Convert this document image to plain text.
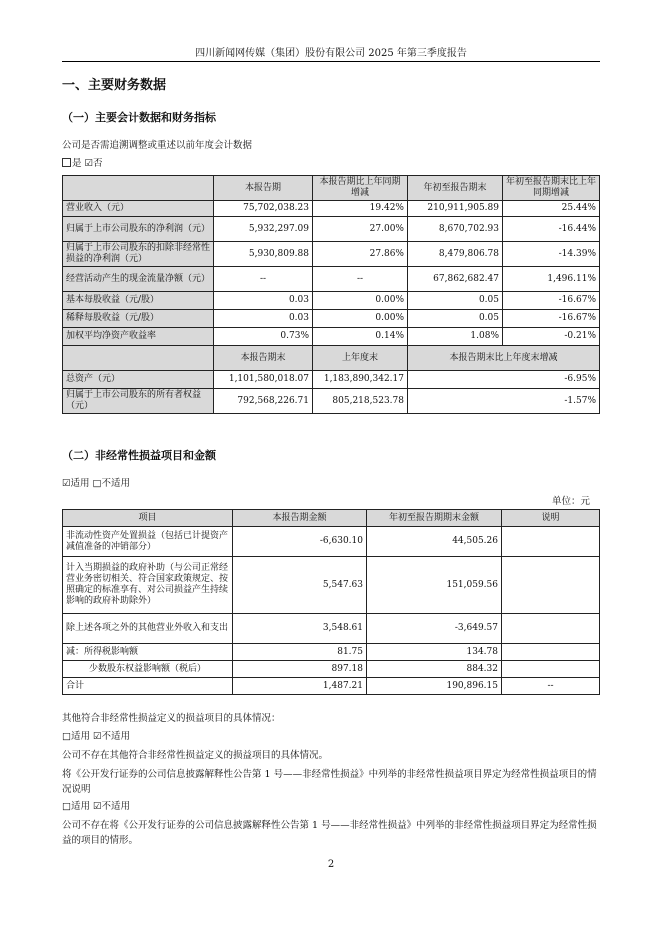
四川新闻网传媒（集团）股份有限公司 2025 年第三季度报告
一、主要财务数据
（一）主要会计数据和财务指标
公司是否需追溯调整或重述以前年度会计数据
是 ☑否
	本报告期	本报告期比上年同期增减	年初至报告期末	年初至报告期末比上年同期增减
营业收入（元）	75,702,038.23	19.42%	210,911,905.89	25.44%
归属于上市公司股东的净利润（元）	5,932,297.09	27.00%	8,670,702.93	-16.44%
归属于上市公司股东的扣除非经常性损益的净利润（元）	5,930,809.88	27.86%	8,479,806.78	-14.39%
经营活动产生的现金流量净额（元）	--	--	67,862,682.47	1,496.11%
基本每股收益（元/股）	0.03	0.00%	0.05	-16.67%
稀释每股收益（元/股）	0.03	0.00%	0.05	-16.67%
加权平均净资产收益率	0.73%	0.14%	1.08%	-0.21%
	本报告期末	上年度末	本报告期末比上年度末增减	
总资产（元）	1,101,580,018.07	1,183,890,342.17	-6.95%	
归属于上市公司股东的所有者权益（元）	792,568,226.71	805,218,523.78	-1.57%	
（二）非经常性损益项目和金额
☑适用 □不适用
单位：元
项目	本报告期金额	年初至报告期期末金额	说明
非流动性资产处置损益（包括已计提资产减值准备的冲销部分）	-6,630.10	44,505.26	
计入当期损益的政府补助（与公司正常经营业务密切相关、符合国家政策规定、按照确定的标准享有、对公司损益产生持续影响的政府补助除外）	5,547.63	151,059.56	
除上述各项之外的其他营业外收入和支出	3,548.61	-3,649.57	
减：所得税影响额	81.75	134.78	
少数股东权益影响额（税后）	897.18	884.32	
合计	1,487.21	190,896.15	--
其他符合非经常性损益定义的损益项目的具体情况：
□适用 ☑不适用
公司不存在其他符合非经常性损益定义的损益项目的具体情况。
将《公开发行证券的公司信息披露解释性公告第 1 号——非经常性损益》中列举的非经常性损益项目界定为经常性损益项目的情况说明
□适用 ☑不适用
公司不存在将《公开发行证券的公司信息披露解释性公告第 1 号——非经常性损益》中列举的非经常性损益项目界定为经常性损益的项目的情形。
2
